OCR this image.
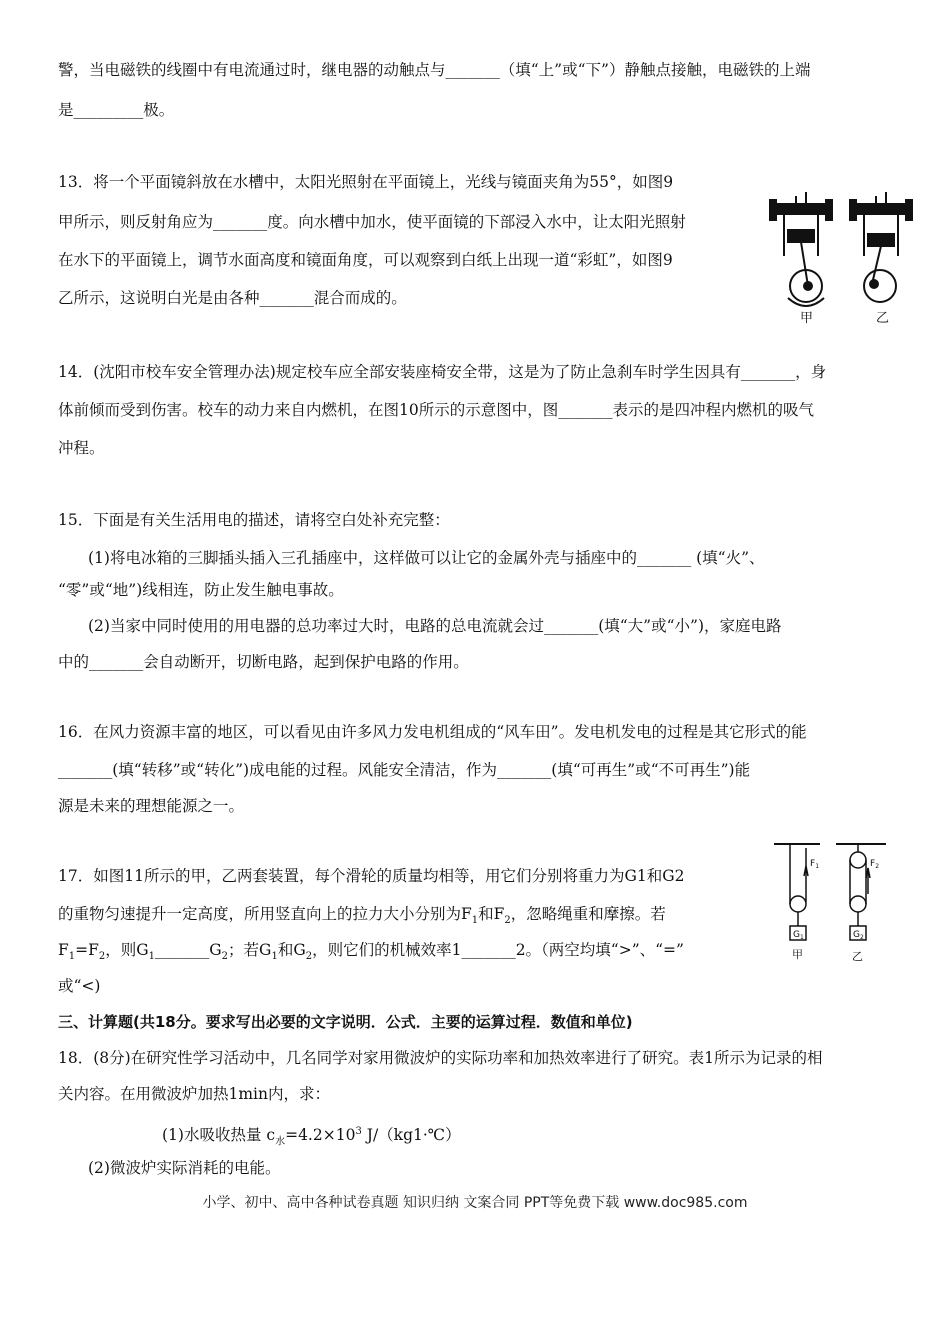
警，当电磁铁的线圈中有电流通过时，继电器的动触点与_______（填“上”或“下”）静触点接触，电磁铁的上端
是_________极。
13．将一个平面镜斜放在水槽中，太阳光照射在平面镜上，光线与镜面夹角为55°，如图9
甲所示，则反射角应为_______度。向水槽中加水，使平面镜的下部浸入水中，让太阳光照射
在水下的平面镜上，调节水面高度和镜面角度，可以观察到白纸上出现一道“彩虹”，如图9
乙所示，这说明白光是由各种_______混合而成的。
14．(沈阳市校车安全管理办法)规定校车应全部安装座椅安全带，这是为了防止急刹车时学生因具有_______，身
体前倾而受到伤害。校车的动力来自内燃机，在图10所示的示意图中，图_______表示的是四冲程内燃机的吸气
冲程。
15．下面是有关生活用电的描述，请将空白处补充完整：
(1)将电冰箱的三脚插头插入三孔插座中，这样做可以让它的金属外壳与插座中的_______ (填“火”、
“零”或“地”)线相连，防止发生触电事故。
(2)当家中同时使用的用电器的总功率过大时，电路的总电流就会过_______(填“大”或“小”)，家庭电路
中的_______会自动断开，切断电路，起到保护电路的作用。
16．在风力资源丰富的地区，可以看见由许多风力发电机组成的“风车田”。发电机发电的过程是其它形式的能
_______(填“转移”或“转化”)成电能的过程。风能安全清洁，作为_______(填“可再生”或“不可再生”)能
源是未来的理想能源之一。
17．如图11所示的甲，乙两套装置，每个滑轮的质量均相等，用它们分别将重力为G1和G2
的重物匀速提升一定高度，所用竖直向上的拉力大小分别为$F_1$和$F_2$，忽略绳重和摩擦。若
$F_1=F_2$，则$G_1\_\_\_\_\_\_\_G_2$；若$G_1$和$G_2$，则它们的机械效率1_______2。（两空均填“>”、“=”
或“<)
三、计算题(共18分。要求写出必要的文字说明．公式．主要的运算过程．数值和单位)
18．(8分)在研究性学习活动中，几名同学对家用微波炉的实际功率和加热效率进行了研究。表1所示为记录的相
关内容。在用微波炉加热1min内，求：
(1)水吸收热量 $c_水=4.2\times 10^3$ J/（kg1·℃）
(2)微波炉实际消耗的电能。
甲	乙
$F_1$	$F_2$
$G_1$	$G_2$
甲	乙
小学、初中、高中各种试卷真题 知识归纳 文案合同 PPT等免费下载 www.doc985.com
